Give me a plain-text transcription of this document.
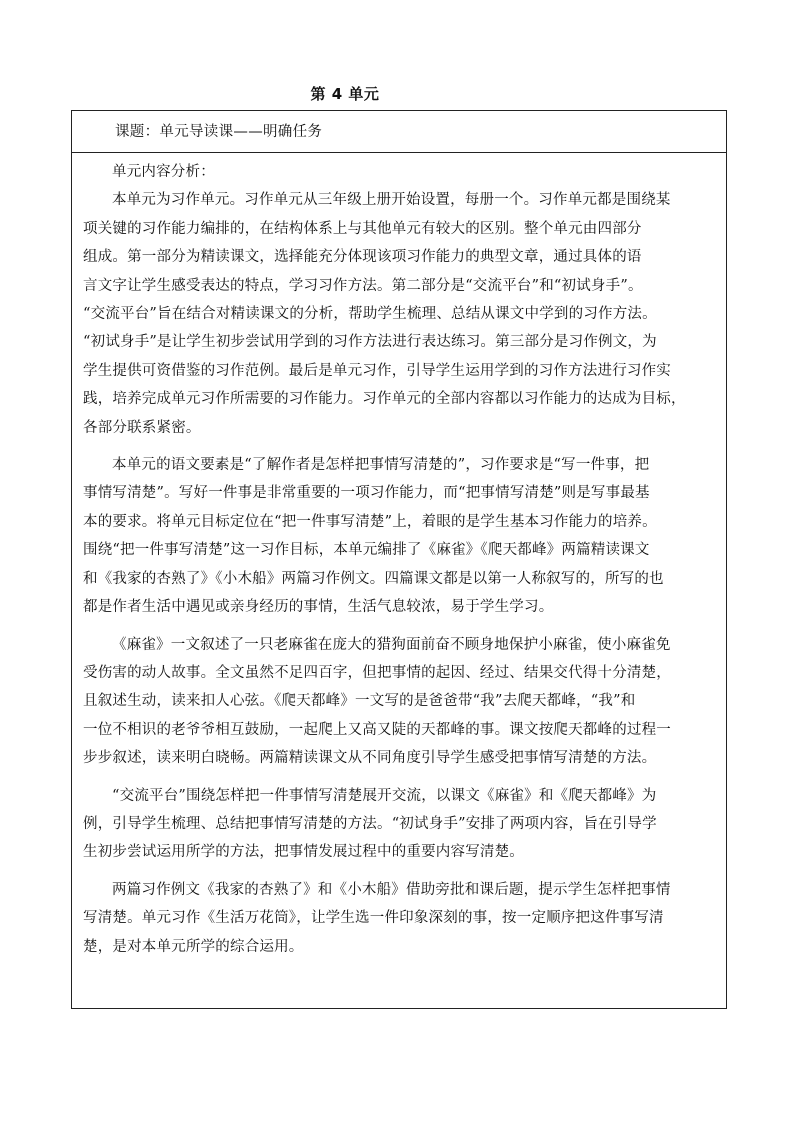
第 4 单元
课题：单元导读课——明确任务
单元内容分析：
本单元为习作单元。习作单元从三年级上册开始设置，每册一个。习作单元都是围绕某
项关键的习作能力编排的，在结构体系上与其他单元有较大的区别。整个单元由四部分
组成。第一部分为精读课文，选择能充分体现该项习作能力的典型文章，通过具体的语
言文字让学生感受表达的特点，学习习作方法。第二部分是“交流平台”和“初试身手”。
“交流平台”旨在结合对精读课文的分析，帮助学生梳理、总结从课文中学到的习作方法。
“初试身手”是让学生初步尝试用学到的习作方法进行表达练习。第三部分是习作例文，为
学生提供可资借鉴的习作范例。最后是单元习作，引导学生运用学到的习作方法进行习作实
践，培养完成单元习作所需要的习作能力。习作单元的全部内容都以习作能力的达成为目标，
各部分联系紧密。
本单元的语文要素是“了解作者是怎样把事情写清楚的”，习作要求是“写一件事，把
事情写清楚”。写好一件事是非常重要的一项习作能力，而“把事情写清楚”则是写事最基
本的要求。将单元目标定位在“把一件事写清楚”上，着眼的是学生基本习作能力的培养。
围绕“把一件事写清楚”这一习作目标，本单元编排了《麻雀》《爬天都峰》两篇精读课文
和《我家的杏熟了》《小木船》两篇习作例文。四篇课文都是以第一人称叙写的，所写的也
都是作者生活中遇见或亲身经历的事情，生活气息较浓，易于学生学习。
《麻雀》一文叙述了一只老麻雀在庞大的猎狗面前奋不顾身地保护小麻雀，使小麻雀免
受伤害的动人故事。全文虽然不足四百字，但把事情的起因、经过、结果交代得十分清楚，
且叙述生动，读来扣人心弦。《爬天都峰》一文写的是爸爸带“我”去爬天都峰，“我”和
一位不相识的老爷爷相互鼓励，一起爬上又高又陡的天都峰的事。课文按爬天都峰的过程一
步步叙述，读来明白晓畅。两篇精读课文从不同角度引导学生感受把事情写清楚的方法。
“交流平台”围绕怎样把一件事情写清楚展开交流，以课文《麻雀》和《爬天都峰》为
例，引导学生梳理、总结把事情写清楚的方法。“初试身手”安排了两项内容，旨在引导学
生初步尝试运用所学的方法，把事情发展过程中的重要内容写清楚。
两篇习作例文《我家的杏熟了》和《小木船》借助旁批和课后题，提示学生怎样把事情
写清楚。单元习作《生活万花筒》，让学生选一件印象深刻的事，按一定顺序把这件事写清
楚，是对本单元所学的综合运用。
